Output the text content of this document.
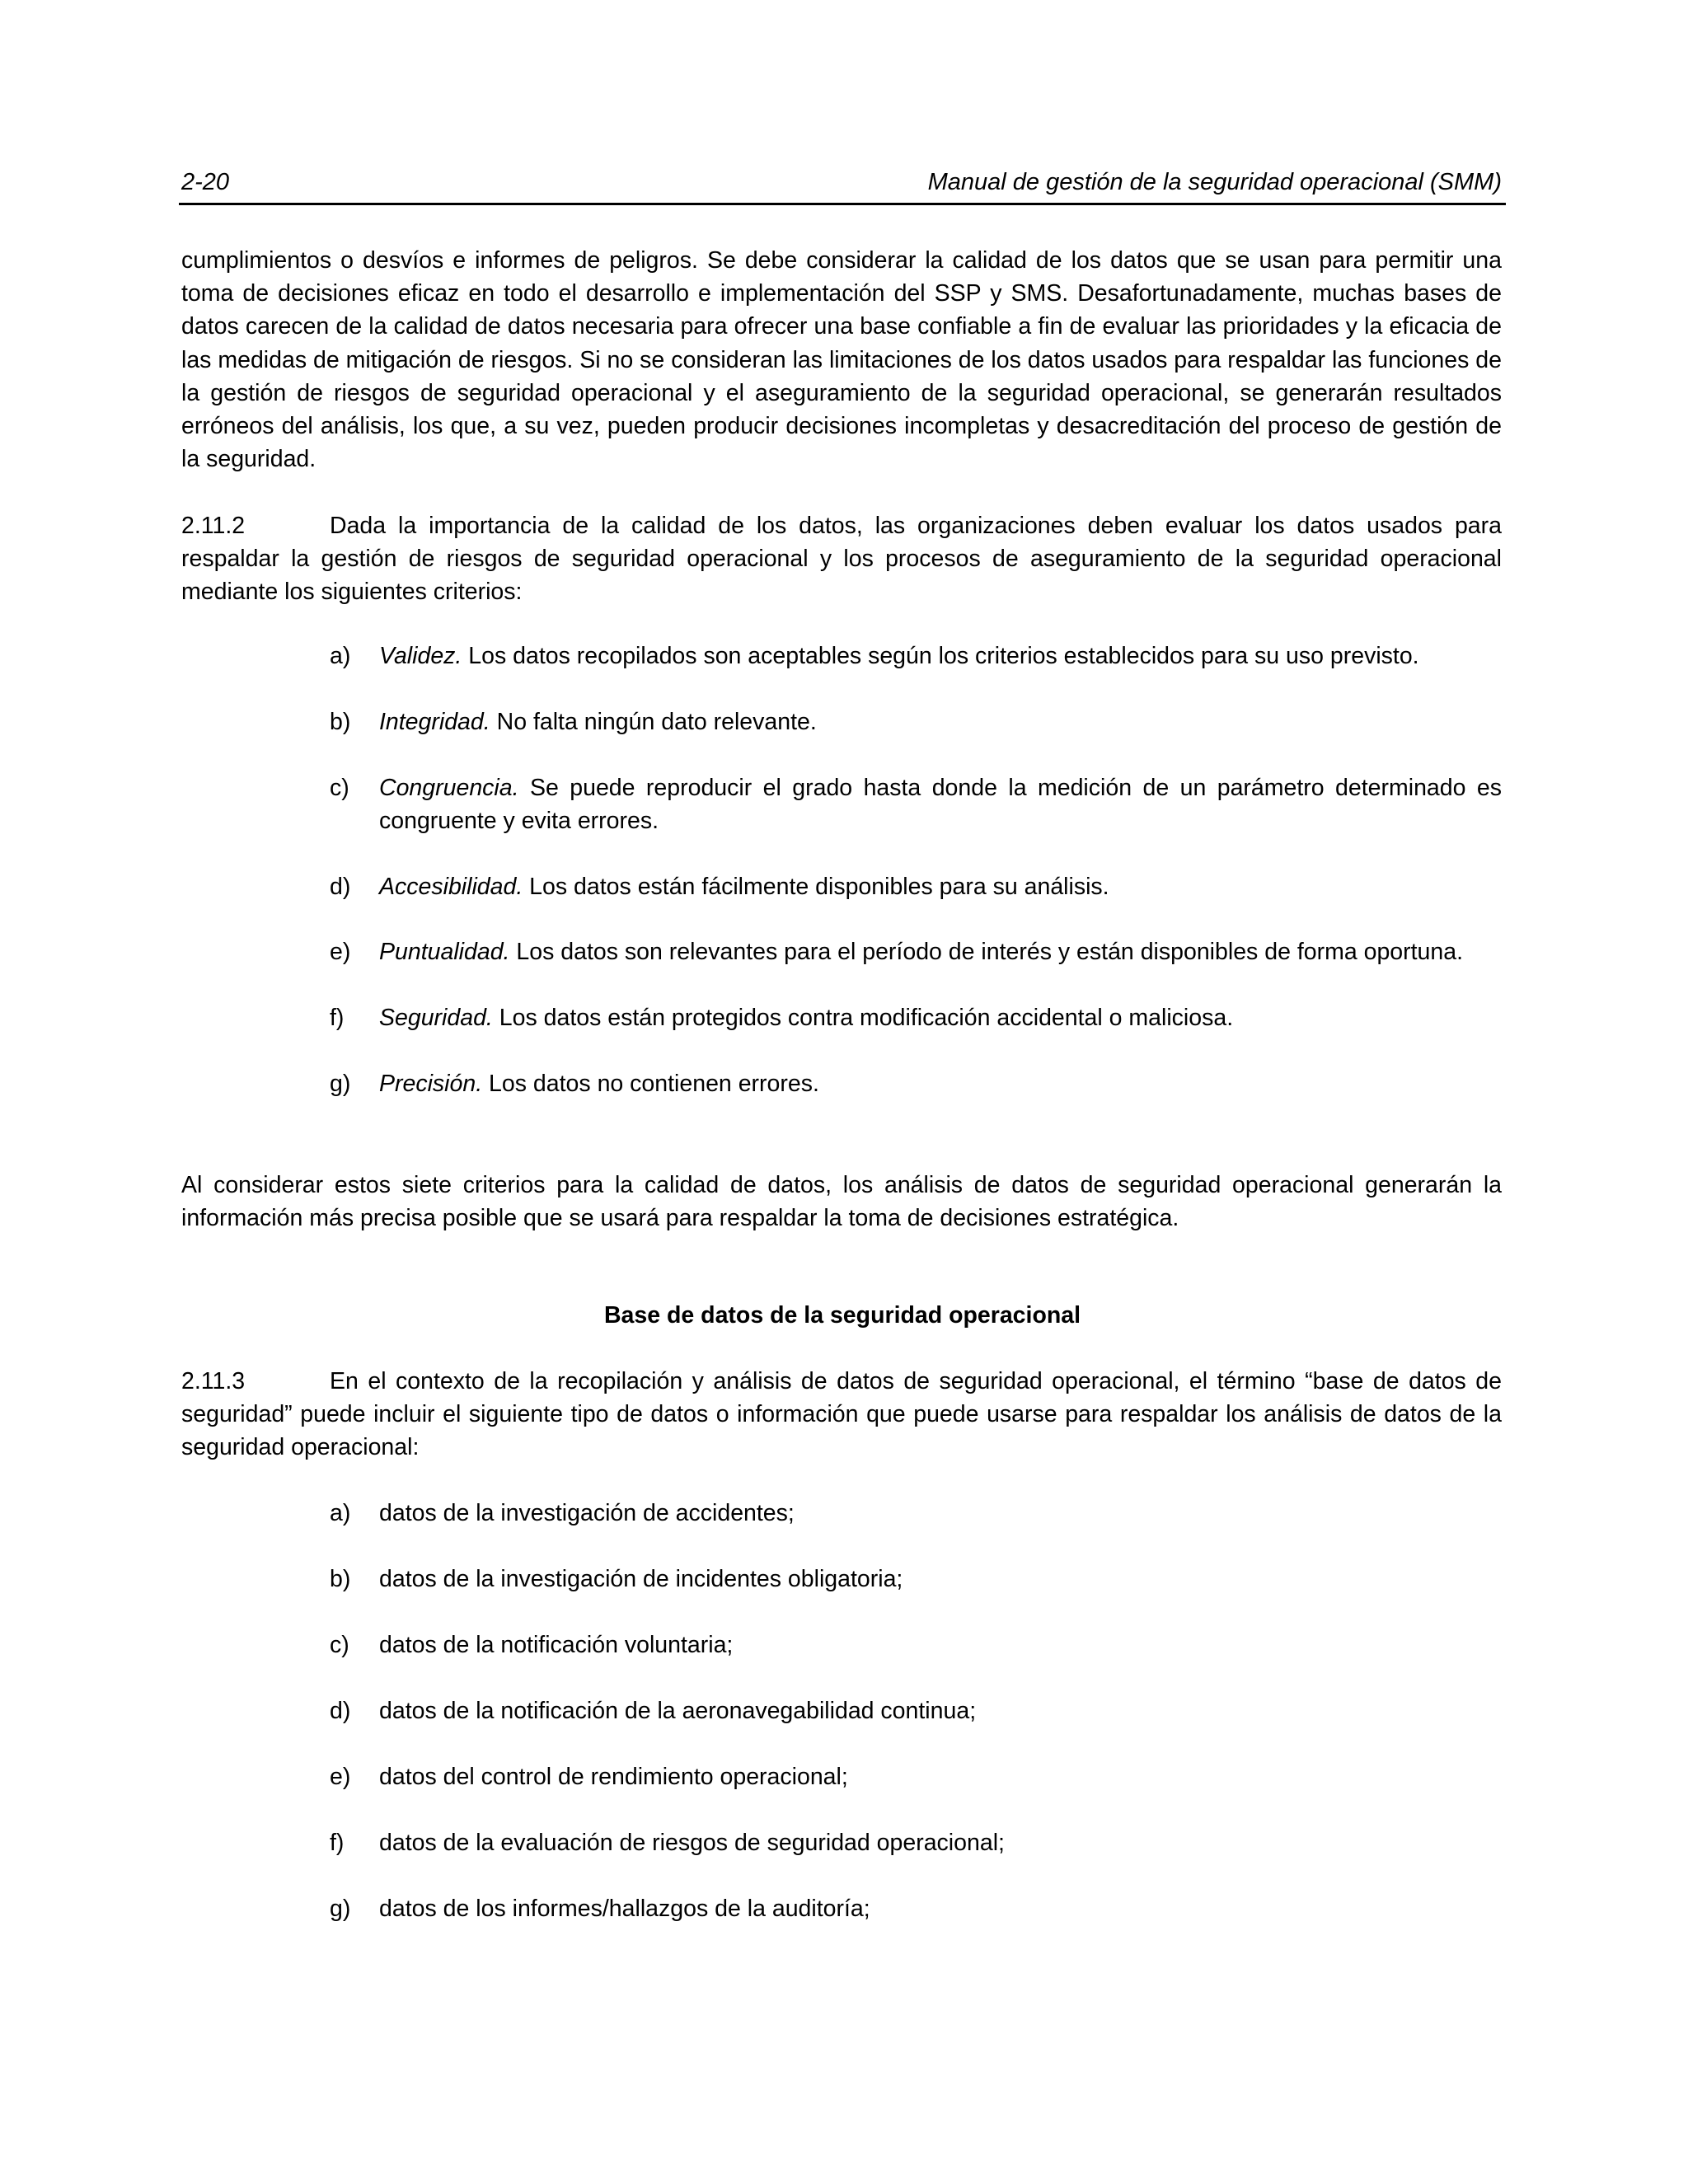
2-20	Manual de gestión de la seguridad operacional (SMM)

cumplimientos o desvíos e informes de peligros. Se debe considerar la calidad de los datos que se usan para permitir una toma de decisiones eficaz en todo el desarrollo e implementación del SSP y SMS. Desafortunadamente, muchas bases de datos carecen de la calidad de datos necesaria para ofrecer una base confiable a fin de evaluar las prioridades y la eficacia de las medidas de mitigación de riesgos. Si no se consideran las limitaciones de los datos usados para respaldar las funciones de la gestión de riesgos de seguridad operacional y el aseguramiento de la seguridad operacional, se generarán resultados erróneos del análisis, los que, a su vez, pueden producir decisiones incompletas y desacreditación del proceso de gestión de la seguridad.

2.11.2	Dada la importancia de la calidad de los datos, las organizaciones deben evaluar los datos usados para respaldar la gestión de riesgos de seguridad operacional y los procesos de aseguramiento de la seguridad operacional mediante los siguientes criterios:

a) Validez. Los datos recopilados son aceptables según los criterios establecidos para su uso previsto.
b) Integridad. No falta ningún dato relevante.
c) Congruencia. Se puede reproducir el grado hasta donde la medición de un parámetro determinado es congruente y evita errores.
d) Accesibilidad. Los datos están fácilmente disponibles para su análisis.
e) Puntualidad. Los datos son relevantes para el período de interés y están disponibles de forma oportuna.
f) Seguridad. Los datos están protegidos contra modificación accidental o maliciosa.
g) Precisión. Los datos no contienen errores.

Al considerar estos siete criterios para la calidad de datos, los análisis de datos de seguridad operacional generarán la información más precisa posible que se usará para respaldar la toma de decisiones estratégica.

Base de datos de la seguridad operacional

2.11.3	En el contexto de la recopilación y análisis de datos de seguridad operacional, el término “base de datos de seguridad” puede incluir el siguiente tipo de datos o información que puede usarse para respaldar los análisis de datos de la seguridad operacional:

a) datos de la investigación de accidentes;
b) datos de la investigación de incidentes obligatoria;
c) datos de la notificación voluntaria;
d) datos de la notificación de la aeronavegabilidad continua;
e) datos del control de rendimiento operacional;
f) datos de la evaluación de riesgos de seguridad operacional;
g) datos de los informes/hallazgos de la auditoría;
